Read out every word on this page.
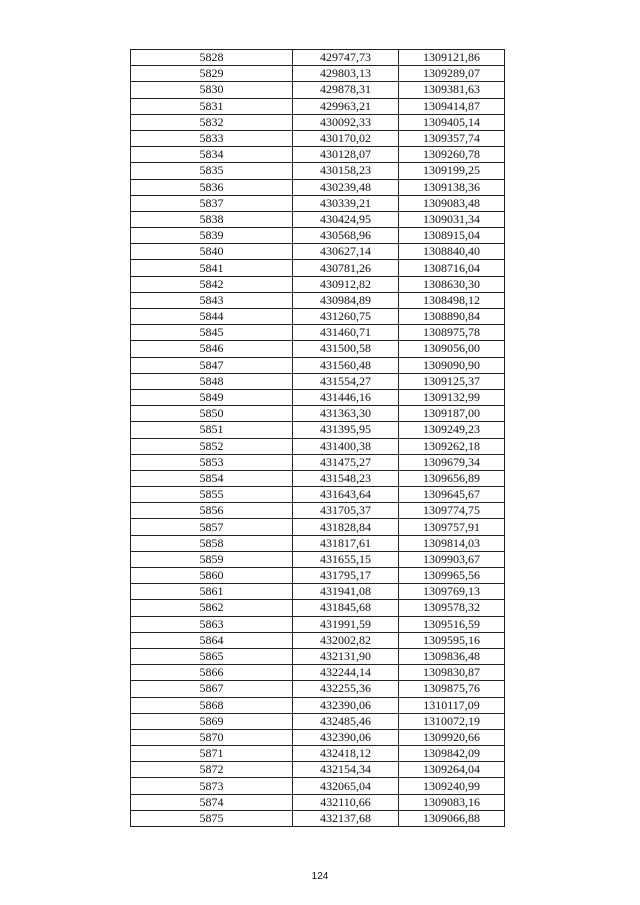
5828	429747,73	1309121,86
5829	429803,13	1309289,07
5830	429878,31	1309381,63
5831	429963,21	1309414,87
5832	430092,33	1309405,14
5833	430170,02	1309357,74
5834	430128,07	1309260,78
5835	430158,23	1309199,25
5836	430239,48	1309138,36
5837	430339,21	1309083,48
5838	430424,95	1309031,34
5839	430568,96	1308915,04
5840	430627,14	1308840,40
5841	430781,26	1308716,04
5842	430912,82	1308630,30
5843	430984,89	1308498,12
5844	431260,75	1308890,84
5845	431460,71	1308975,78
5846	431500,58	1309056,00
5847	431560,48	1309090,90
5848	431554,27	1309125,37
5849	431446,16	1309132,99
5850	431363,30	1309187,00
5851	431395,95	1309249,23
5852	431400,38	1309262,18
5853	431475,27	1309679,34
5854	431548,23	1309656,89
5855	431643,64	1309645,67
5856	431705,37	1309774,75
5857	431828,84	1309757,91
5858	431817,61	1309814,03
5859	431655,15	1309903,67
5860	431795,17	1309965,56
5861	431941,08	1309769,13
5862	431845,68	1309578,32
5863	431991,59	1309516,59
5864	432002,82	1309595,16
5865	432131,90	1309836,48
5866	432244,14	1309830,87
5867	432255,36	1309875,76
5868	432390,06	1310117,09
5869	432485,46	1310072,19
5870	432390,06	1309920,66
5871	432418,12	1309842,09
5872	432154,34	1309264,04
5873	432065,04	1309240,99
5874	432110,66	1309083,16
5875	432137,68	1309066,88
124
